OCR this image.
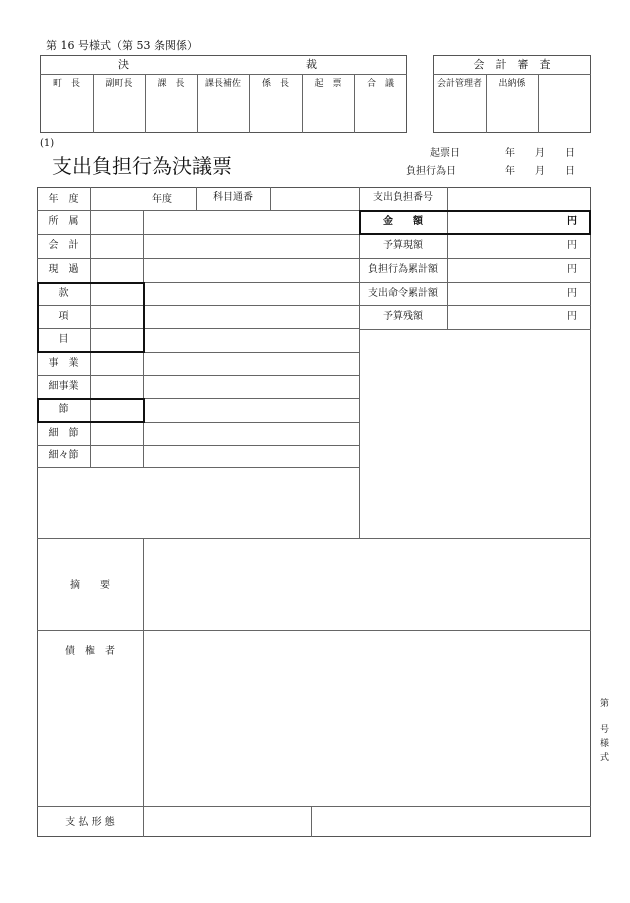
第 16 号様式（第 53 条関係）
決	裁
町　長	副町長	課　長	課長補佐	係　長	起　票	合　議
会　計　審　査
会計管理者	出納係
(1)
支出負担行為決議票
起票日	年　　月　　日
負担行為日	年　　月　　日
年　度	年度	科目通番	支出負担番号
所　属
会　計
現　過
款
項
目
事　業
細事業
節
細　節
細々節
金　　額	円
予算現額	円
負担行為累計額	円
支出命令累計額	円
予算残額	円
摘　　要
債　権　者
支 払 形 態
第
号
様
式
